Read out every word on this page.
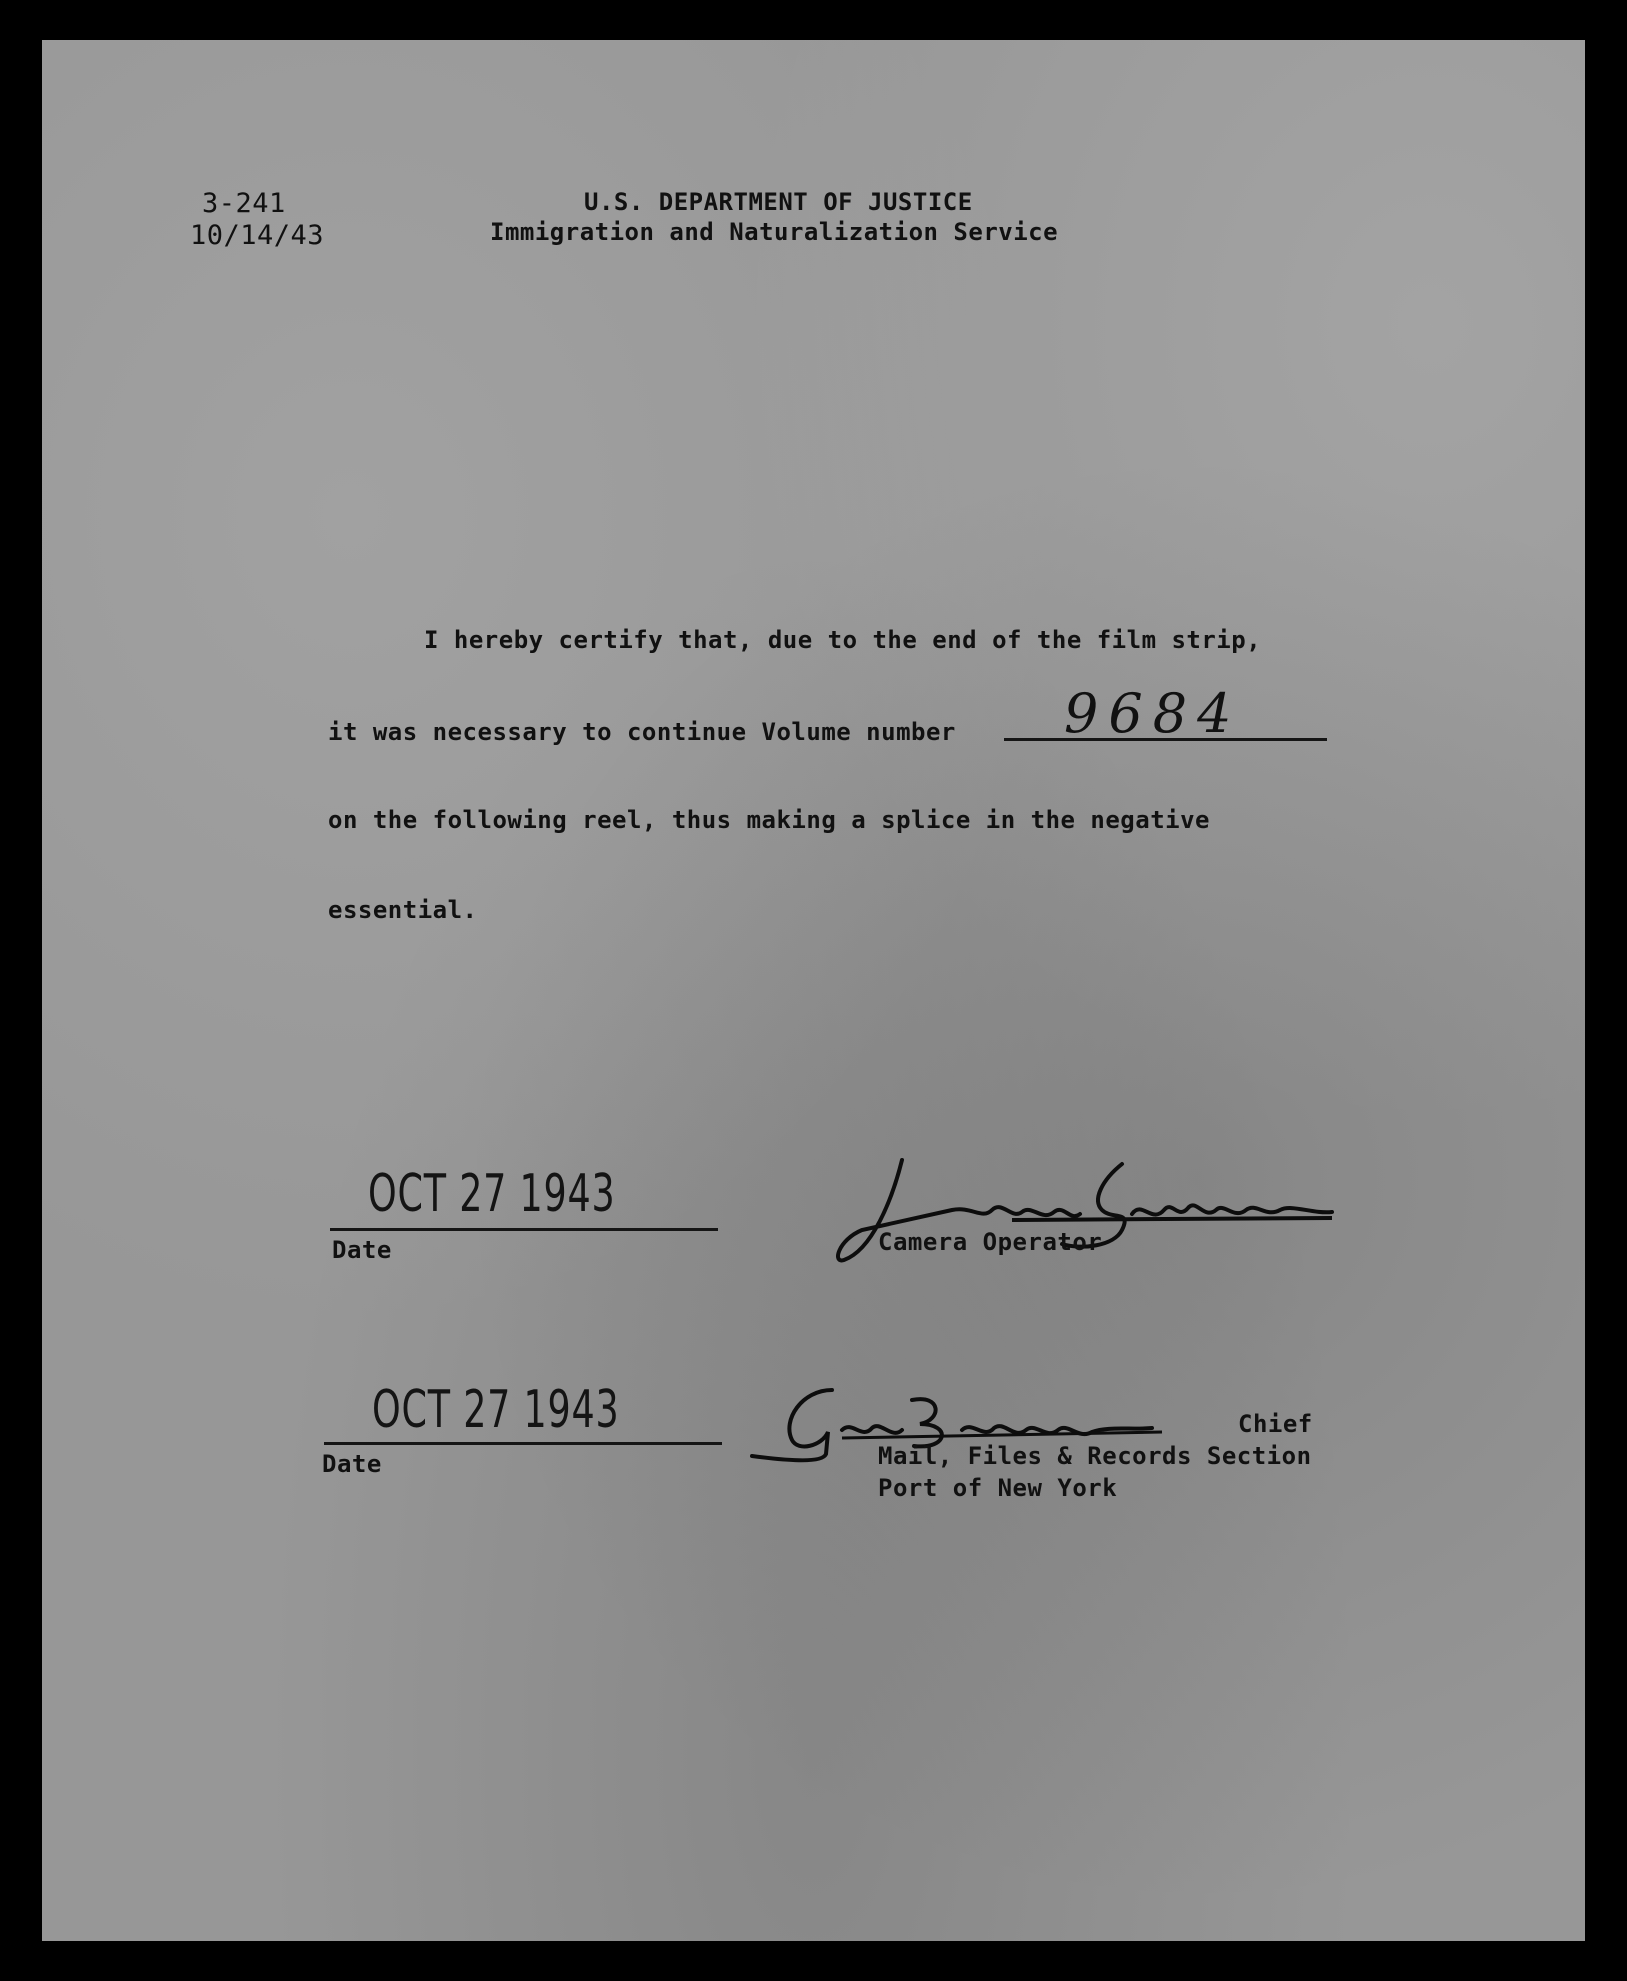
3-241
10/14/43
U.S. DEPARTMENT OF JUSTICE
Immigration and Naturalization Service
I hereby certify that, due to the end of the film strip,
it was necessary to continue Volume number 9684
on the following reel, thus making a splice in the negative
essential.
OCT 27 1943
Date	Camera Operator
OCT 27 1943
Date
Chief
Mail, Files & Records Section
Port of New York
